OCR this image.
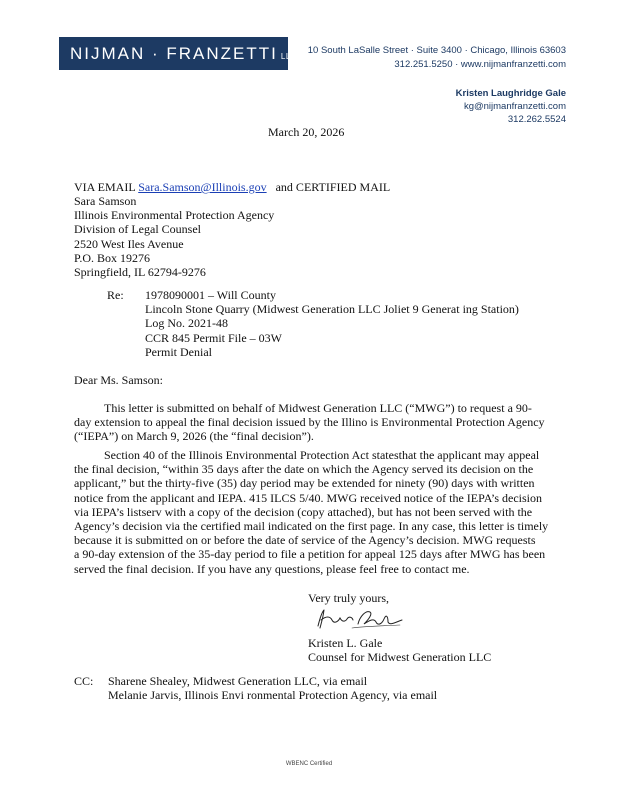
NIJMAN · FRANZETTI LLP
10 South LaSalle Street · Suite 3400 · Chicago, Illinois 63603
312.251.5250 · www.nijmanfranzetti.com
Kristen Laughridge Gale
kg@nijmanfranzetti.com
312.262.5524
March 20, 2026
VIA EMAIL Sara.Samson@Illinois.gov and CERTIFIED MAIL
Sara Samson
Illinois Environmental Protection Agency
Division of Legal Counsel
2520 West Iles Avenue
P.O. Box 19276
Springfield, IL 62794-9276
Re: 1978090001 – Will County
Lincoln Stone Quarry (Midwest Generation LLC Joliet 9 Generat ing Station)
Log No. 2021-48
CCR 845 Permit File – 03W
Permit Denial
Dear Ms. Samson:
This letter is submitted on behalf of Midwest Generation LLC (“MWG”) to request a 90-
day extension to appeal the final decision issued by the Illino is Environmental Protection Agency
(“IEPA”) on March 9, 2026 (the “final decision”).
Section 40 of the Illinois Environmental Protection Act statesthat the applicant may appeal
the final decision, “within 35 days after the date on which the Agency served its decision on the
applicant,” but the thirty-five (35) day period may be extended for ninety (90) days with written
notice from the applicant and IEPA. 415 ILCS 5/40. MWG received notice of the IEPA’s decision
via IEPA’s listserv with a copy of the decision (copy attached), but has not been served with the
Agency’s decision via the certified mail indicated on the first page. In any case, this letter is timely
because it is submitted on or before the date of service of the Agency’s decision. MWG requests
a 90-day extension of the 35-day period to file a petition for appeal 125 days after MWG has been
served the final decision. If you have any questions, please feel free to contact me.
Very truly yours,
Kristen L. Gale
Counsel for Midwest Generation LLC
CC: Sharene Shealey, Midwest Generation LLC, via email
Melanie Jarvis, Illinois Envi ronmental Protection Agency, via email
WBENC Certified
